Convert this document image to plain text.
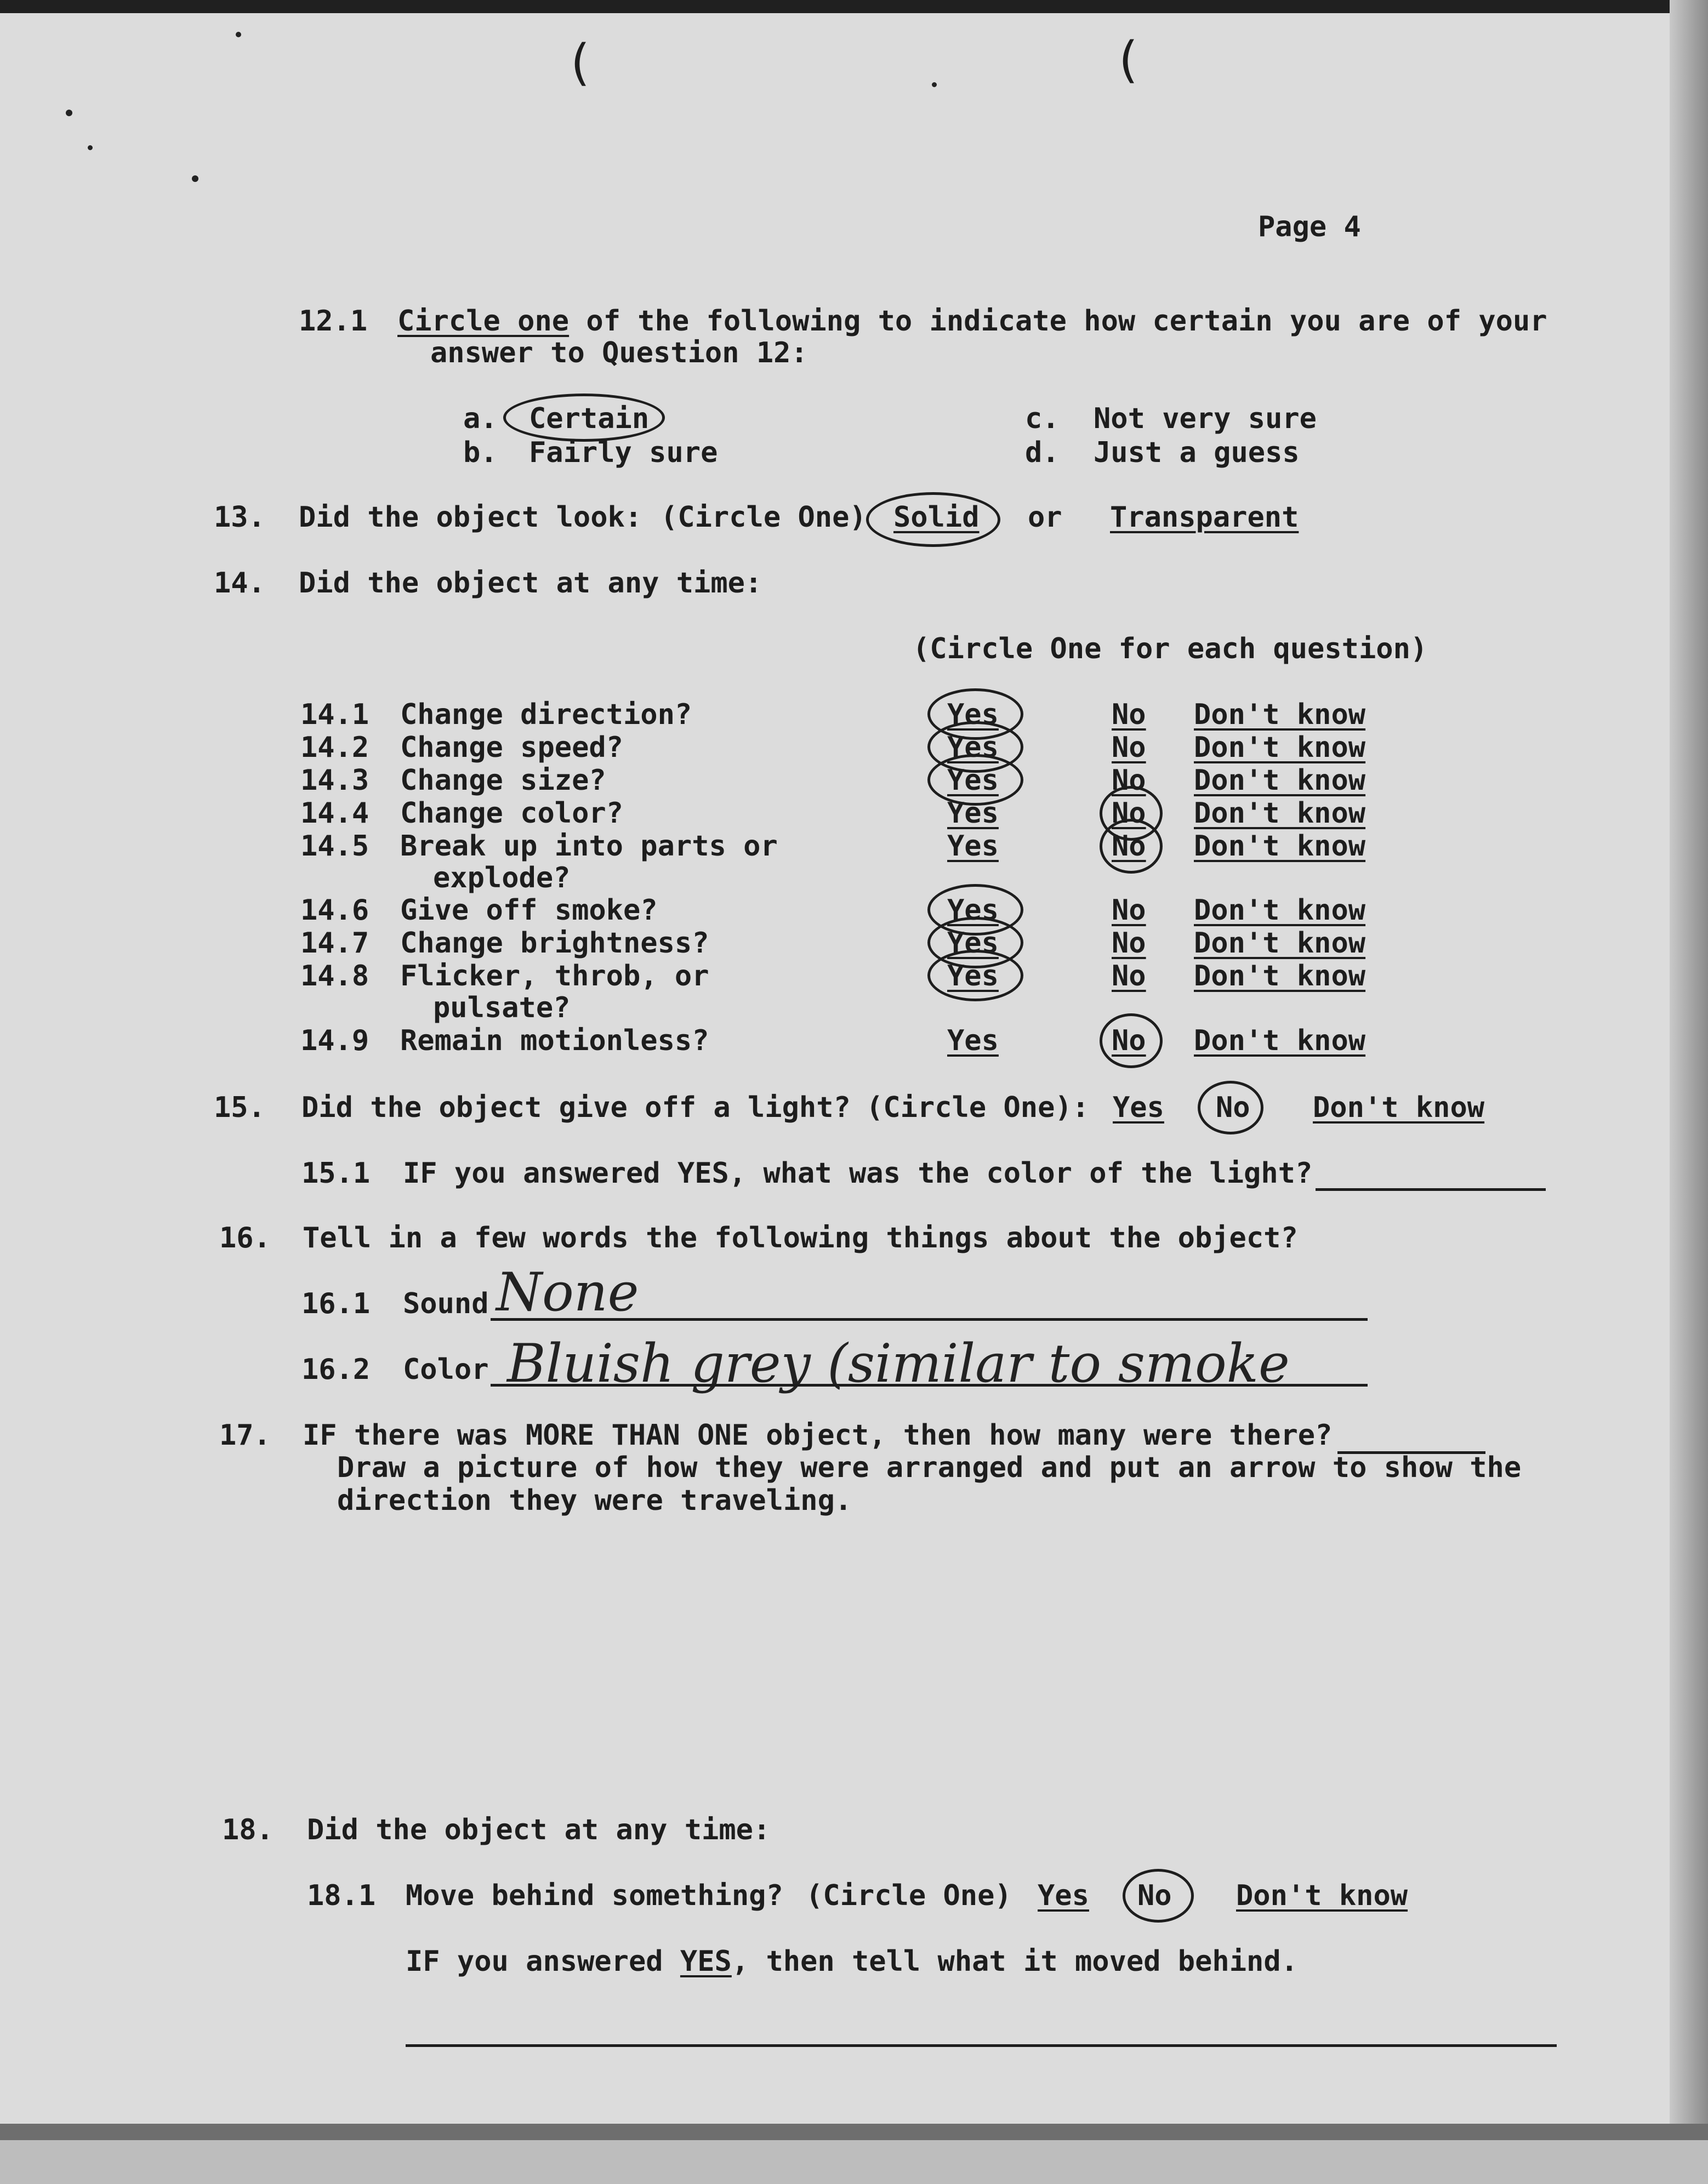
(	(
Page 4
12.1 Circle one of the following to indicate how certain you are of your
answer to Question 12:
a. Certain
b. Fairly sure
c. Not very sure
d. Just a guess
13. Did the object look: (Circle One) Solid or Transparent
14. Did the object at any time:
(Circle One for each question)
14.1 Change direction?	Yes	No Don't know
14.2 Change speed?	Yes	No Don't know
14.3 Change size?	Yes	No Don't know
14.4 Change color?	Yes	No Don't know
14.5 Break up into parts or
explode?
Yes	No Don't know
14.6 Give off smoke?	Yes	No Don't know
14.7 Change brightness?	Yes	No Don't know
14.8 Flicker, throb, or
pulsate?
Yes	No Don't know
14.9 Remain motionless?	Yes	No Don't know
15. Did the object give off a light? (Circle One): Yes No Don't know
15.1 IF you answered YES, what was the color of the light?
16. Tell in a few words the following things about the object?
16.1 Sound None
16.2 Color Bluish grey (similar to smoke
17. IF there was MORE THAN ONE object, then how many were there?
Draw a picture of how they were arranged and put an arrow to show the
direction they were traveling.
18. Did the object at any time:
18.1 Move behind something? (Circle One) Yes No Don't know
IF you answered YES, then tell what it moved behind.
